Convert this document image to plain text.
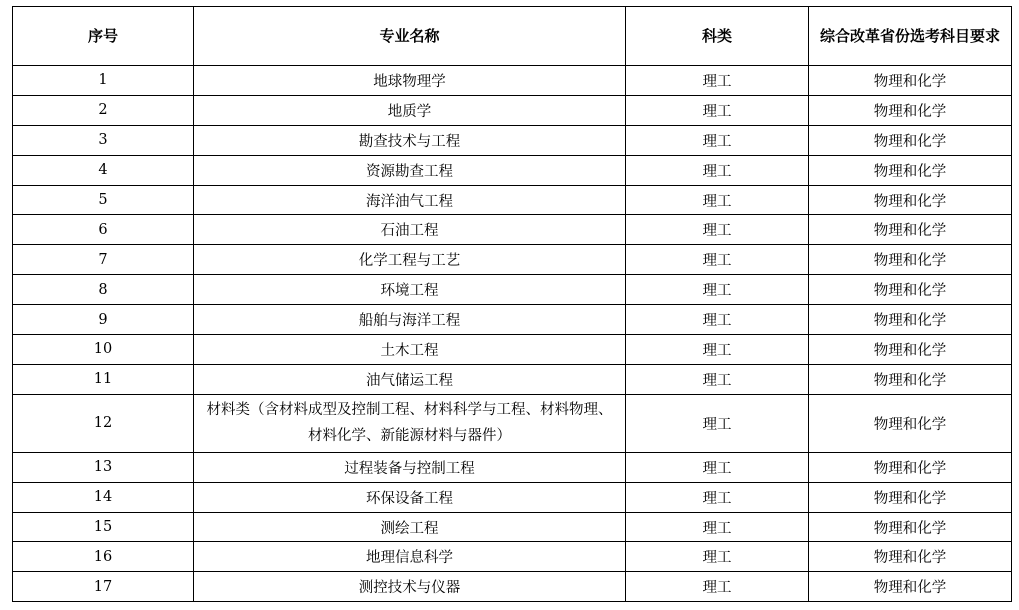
序号	专业名称	科类	综合改革省份选考科目要求
1	地球物理学	理工	物理和化学
2	地质学	理工	物理和化学
3	勘查技术与工程	理工	物理和化学
4	资源勘查工程	理工	物理和化学
5	海洋油气工程	理工	物理和化学
6	石油工程	理工	物理和化学
7	化学工程与工艺	理工	物理和化学
8	环境工程	理工	物理和化学
9	船舶与海洋工程	理工	物理和化学
10	土木工程	理工	物理和化学
11	油气储运工程	理工	物理和化学
12	材料类（含材料成型及控制工程、材料科学与工程、材料物理、材料化学、新能源材料与器件）	理工	物理和化学
13	过程装备与控制工程	理工	物理和化学
14	环保设备工程	理工	物理和化学
15	测绘工程	理工	物理和化学
16	地理信息科学	理工	物理和化学
17	测控技术与仪器	理工	物理和化学
